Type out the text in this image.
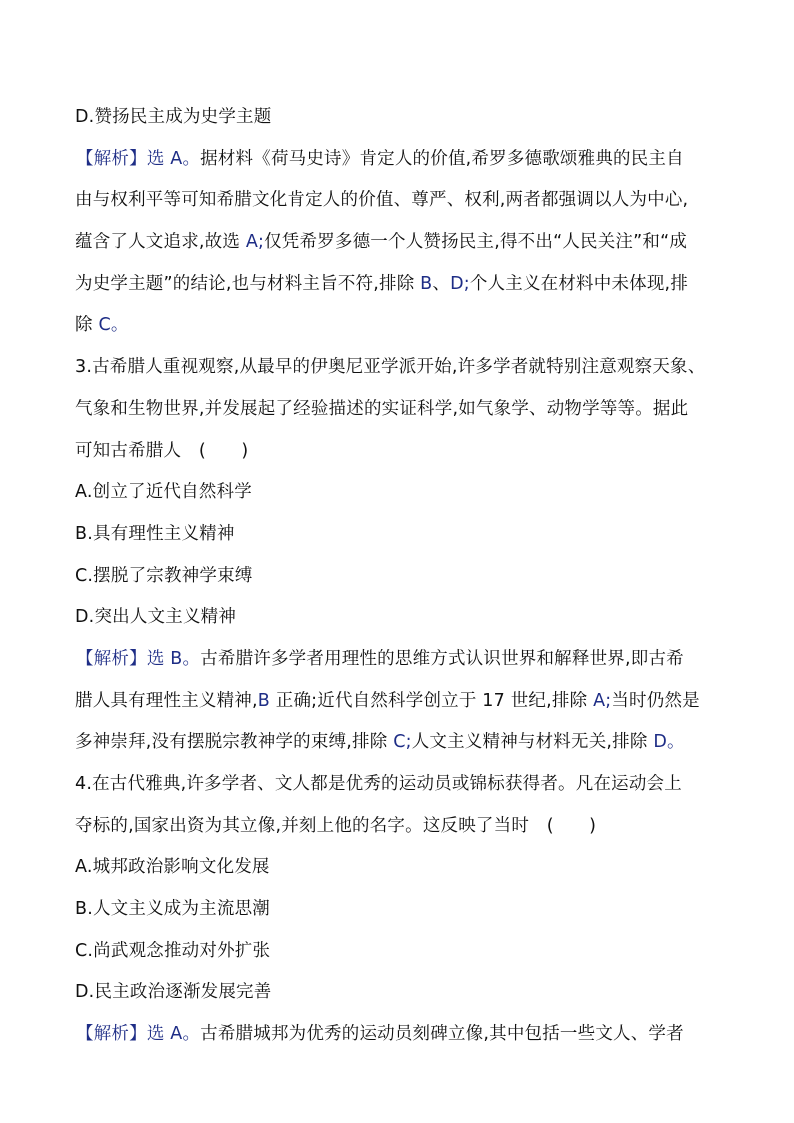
D.赞扬民主成为史学主题
【解析】选 A。据材料《荷马史诗》肯定人的价值,希罗多德歌颂雅典的民主自
由与权利平等可知希腊文化肯定人的价值、尊严、权利,两者都强调以人为中心,
蕴含了人文追求,故选 A;仅凭希罗多德一个人赞扬民主,得不出“人民关注”和“成
为史学主题”的结论,也与材料主旨不符,排除 B、D;个人主义在材料中未体现,排
除 C。
3.古希腊人重视观察,从最早的伊奥尼亚学派开始,许多学者就特别注意观察天象、
气象和生物世界,并发展起了经验描述的实证科学,如气象学、动物学等等。据此
可知古希腊人　(　　)
A.创立了近代自然科学
B.具有理性主义精神
C.摆脱了宗教神学束缚
D.突出人文主义精神
【解析】选 B。古希腊许多学者用理性的思维方式认识世界和解释世界,即古希
腊人具有理性主义精神,B 正确;近代自然科学创立于 17 世纪,排除 A;当时仍然是
多神崇拜,没有摆脱宗教神学的束缚,排除 C;人文主义精神与材料无关,排除 D。
4.在古代雅典,许多学者、文人都是优秀的运动员或锦标获得者。凡在运动会上
夺标的,国家出资为其立像,并刻上他的名字。这反映了当时　(　　)
A.城邦政治影响文化发展
B.人文主义成为主流思潮
C.尚武观念推动对外扩张
D.民主政治逐渐发展完善
【解析】选 A。古希腊城邦为优秀的运动员刻碑立像,其中包括一些文人、学者
